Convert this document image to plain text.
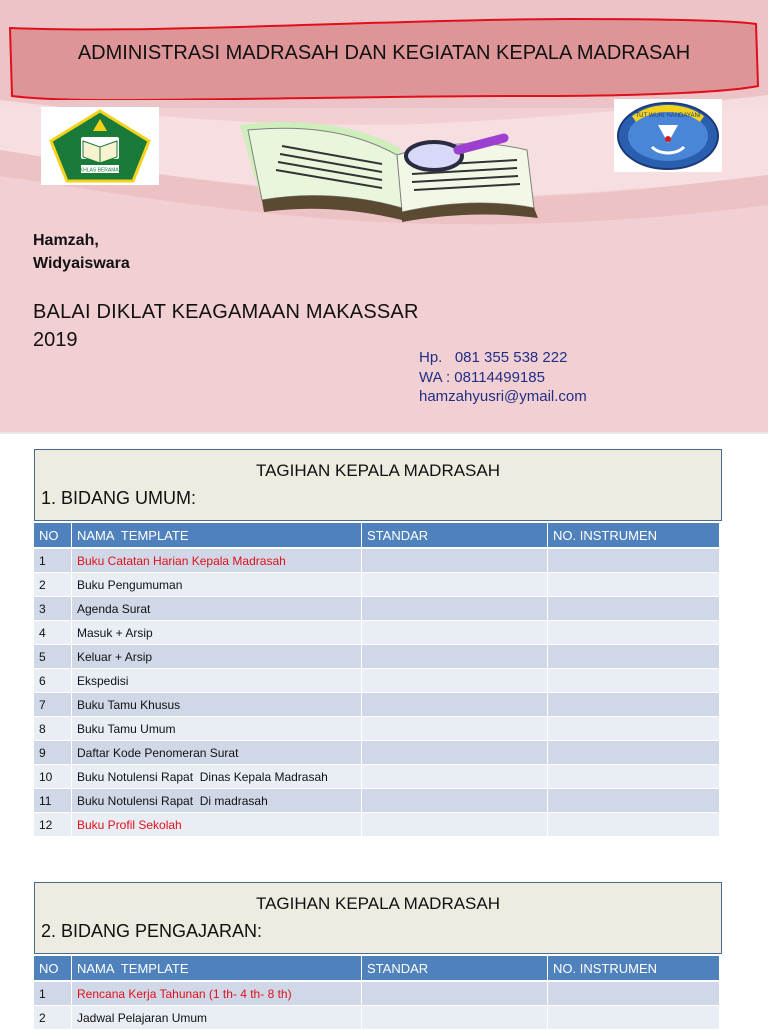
ADMINISTRASI MADRASAH DAN KEGIATAN KEPALA MADRASAH
IKHLAS BERAMAL
TUT WURI HANDAYANI
Hamzah,
Widyaiswara
BALAI DIKLAT KEAGAMAAN MAKASSAR
2019
Hp.   081 355 538 222
WA : 08114499185
hamzahyusri@ymail.com
TAGIHAN KEPALA MADRASAH
1. BIDANG UMUM:
NO	NAMA  TEMPLATE	STANDAR	NO. INSTRUMEN
1	Buku Catatan Harian Kepala Madrasah		
2	Buku Pengumuman		
3	Agenda Surat		
4	Masuk + Arsip		
5	Keluar + Arsip		
6	Ekspedisi		
7	Buku Tamu Khusus		
8	Buku Tamu Umum		
9	Daftar Kode Penomeran Surat		
10	Buku Notulensi Rapat  Dinas Kepala Madrasah		
11	Buku Notulensi Rapat  Di madrasah		
12	Buku Profil Sekolah		
TAGIHAN KEPALA MADRASAH
2. BIDANG PENGAJARAN:
NO	NAMA  TEMPLATE	STANDAR	NO. INSTRUMEN
1	Rencana Kerja Tahunan (1 th- 4 th- 8 th)		
2	Jadwal Pelajaran Umum		
